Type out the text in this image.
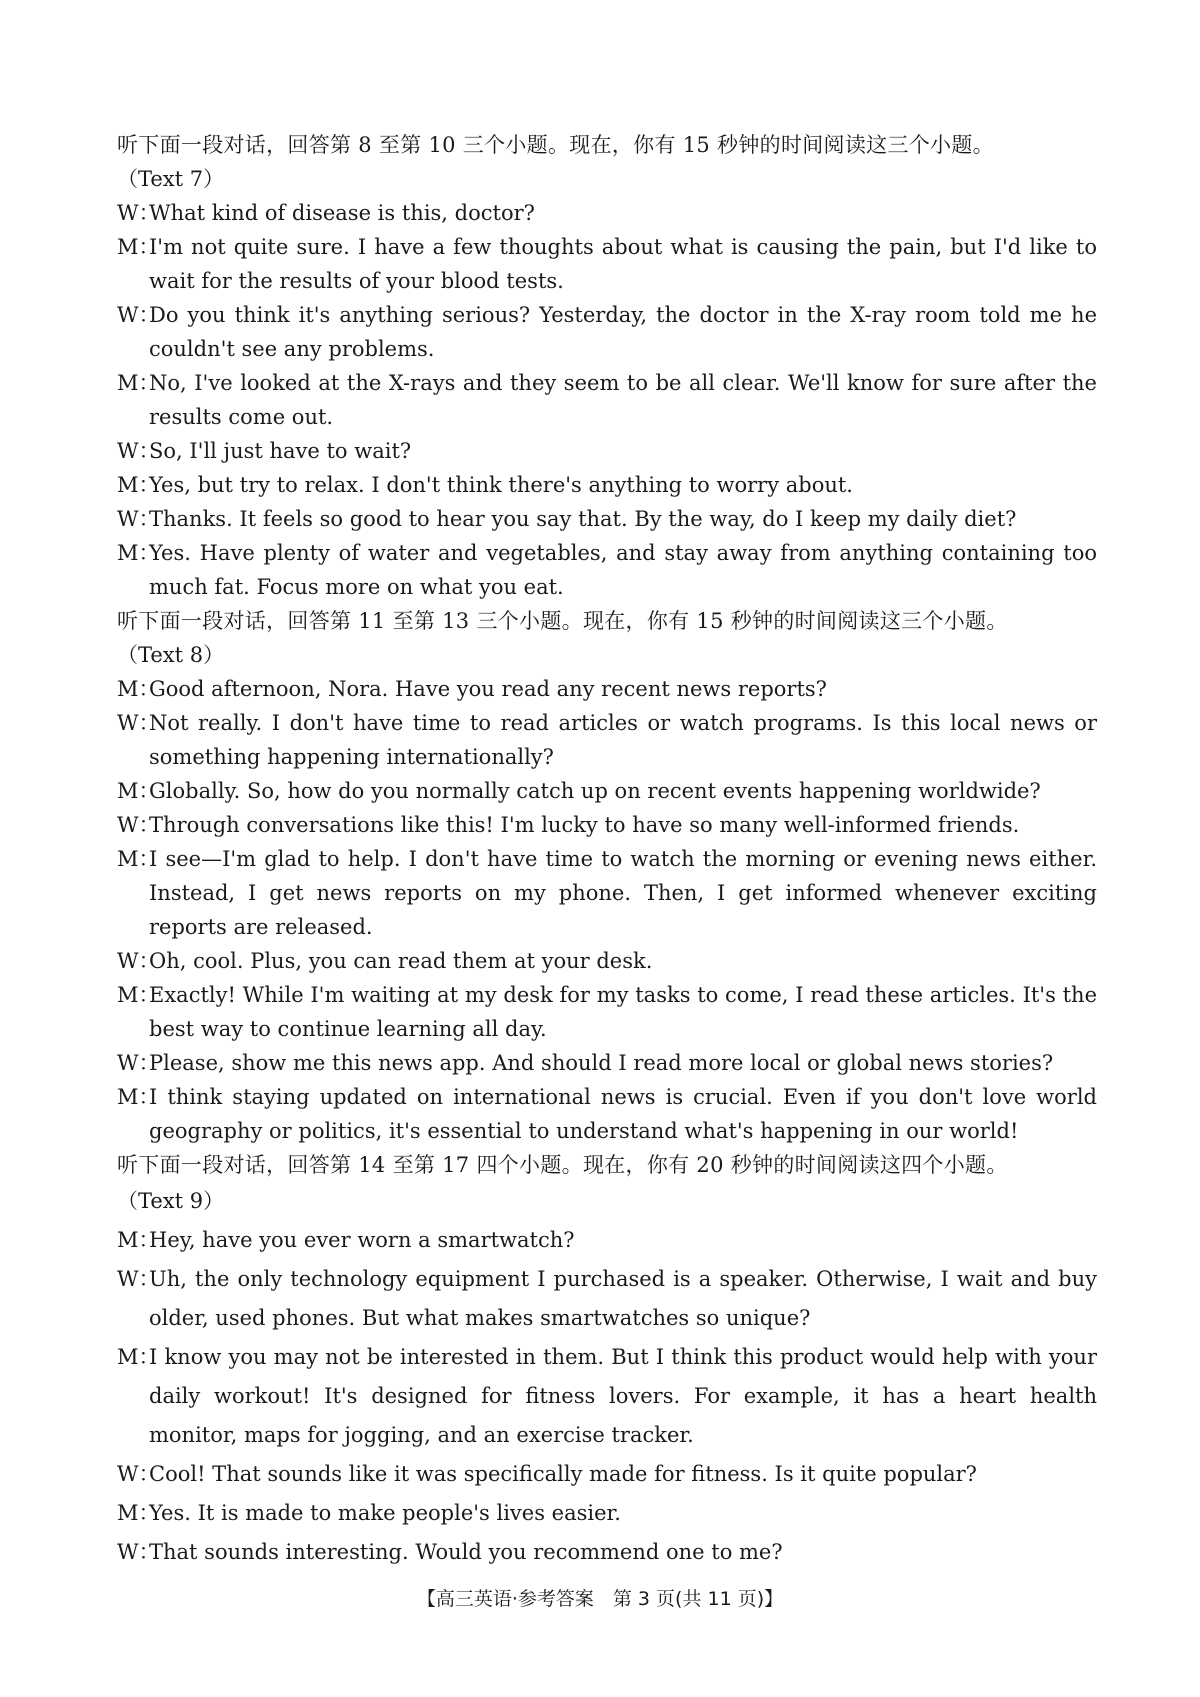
听下面一段对话，回答第 8 至第 10 三个小题。现在，你有 15 秒钟的时间阅读这三个小题。
（Text 7）
W：
What kind of disease is this, doctor?
M：
I'm not quite sure. I have a few thoughts about what is causing the pain, but I'd like to wait for the results of your blood tests.
W：
Do you think it's anything serious? Yesterday, the doctor in the X-ray room told me he couldn't see any problems.
M：
No, I've looked at the X-rays and they seem to be all clear. We'll know for sure after the results come out.
W：
So, I'll just have to wait?
M：
Yes, but try to relax. I don't think there's anything to worry about.
W：
Thanks. It feels so good to hear you say that. By the way, do I keep my daily diet?
M：
Yes. Have plenty of water and vegetables, and stay away from anything containing too much fat. Focus more on what you eat.
听下面一段对话，回答第 11 至第 13 三个小题。现在，你有 15 秒钟的时间阅读这三个小题。
（Text 8）
M：
Good afternoon, Nora. Have you read any recent news reports?
W：
Not really. I don't have time to read articles or watch programs. Is this local news or something happening internationally?
M：
Globally. So, how do you normally catch up on recent events happening worldwide?
W：
Through conversations like this! I'm lucky to have so many well-informed friends.
M：
I see—I'm glad to help. I don't have time to watch the morning or evening news either. Instead, I get news reports on my phone. Then, I get informed whenever exciting reports are released.
W：
Oh, cool. Plus, you can read them at your desk.
M：
Exactly! While I'm waiting at my desk for my tasks to come, I read these articles. It's the best way to continue learning all day.
W：
Please, show me this news app. And should I read more local or global news stories?
M：
I think staying updated on international news is crucial. Even if you don't love world geography or politics, it's essential to understand what's happening in our world!
听下面一段对话，回答第 14 至第 17 四个小题。现在，你有 20 秒钟的时间阅读这四个小题。
（Text 9）
M：
Hey, have you ever worn a smartwatch?
W：
Uh, the only technology equipment I purchased is a speaker. Otherwise, I wait and buy older, used phones. But what makes smartwatches so unique?
M：
I know you may not be interested in them. But I think this product would help with your daily workout! It's designed for fitness lovers. For example, it has a heart health monitor, maps for jogging, and an exercise tracker.
W：
Cool! That sounds like it was specifically made for fitness. Is it quite popular?
M：
Yes. It is made to make people's lives easier.
W：
That sounds interesting. Would you recommend one to me?
【高三英语·参考答案　第 3 页(共 11 页)】
